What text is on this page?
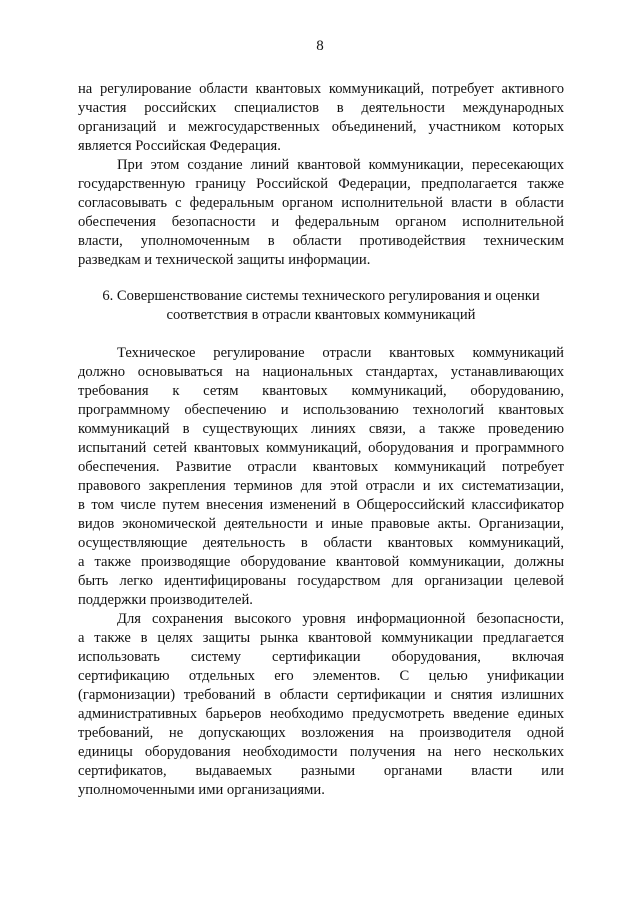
8
на регулирование области квантовых коммуникаций, потребует активного
участия российских специалистов в деятельности международных
организаций и межгосударственных объединений, участником которых
является Российская Федерация.
При этом создание линий квантовой коммуникации, пересекающих
государственную границу Российской Федерации, предполагается также
согласовывать с федеральным органом исполнительной власти в области
обеспечения безопасности и федеральным органом исполнительной
власти, уполномоченным в области противодействия техническим
разведкам и технической защиты информации.
6. Совершенствование системы технического регулирования и оценки
соответствия в отрасли квантовых коммуникаций
Техническое регулирование отрасли квантовых коммуникаций
должно основываться на национальных стандартах, устанавливающих
требования к сетям квантовых коммуникаций, оборудованию,
программному обеспечению и использованию технологий квантовых
коммуникаций в существующих линиях связи, а также проведению
испытаний сетей квантовых коммуникаций, оборудования и программного
обеспечения. Развитие отрасли квантовых коммуникаций потребует
правового закрепления терминов для этой отрасли и их систематизации,
в том числе путем внесения изменений в Общероссийский классификатор
видов экономической деятельности и иные правовые акты. Организации,
осуществляющие деятельность в области квантовых коммуникаций,
а также производящие оборудование квантовой коммуникации, должны
быть легко идентифицированы государством для организации целевой
поддержки производителей.
Для сохранения высокого уровня информационной безопасности,
а также в целях защиты рынка квантовой коммуникации предлагается
использовать систему сертификации оборудования, включая
сертификацию отдельных его элементов. С целью унификации
(гармонизации) требований в области сертификации и снятия излишних
административных барьеров необходимо предусмотреть введение единых
требований, не допускающих возложения на производителя одной
единицы оборудования необходимости получения на него нескольких
сертификатов, выдаваемых разными органами власти или
уполномоченными ими организациями.
